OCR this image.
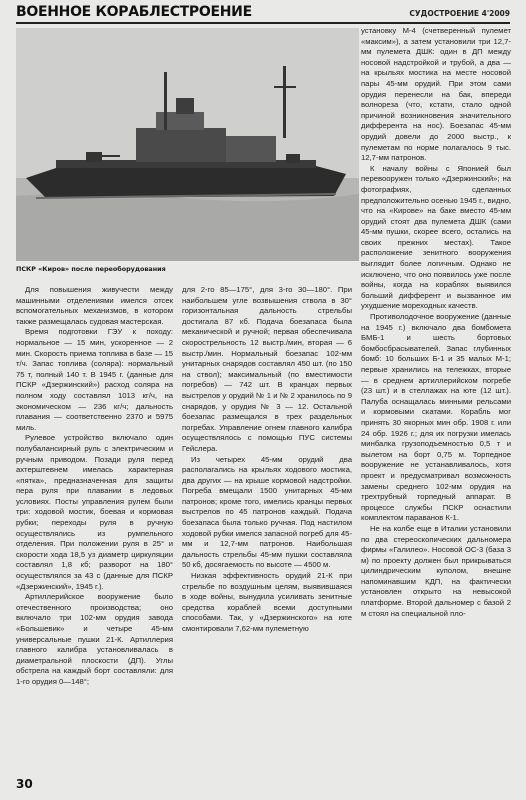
ВОЕННОЕ КОРАБЛЕСТРОЕНИЕ	СУДОСТРОЕНИЕ 4'2009
ПСКР «Киров» после переоборудования

Для повышения живучести между машинными отделениями имелся отсек вспомогательных механизмов, в котором также размещалась судовая мастерская.

Время подготовки ГЭУ к походу: нормальное — 15 мин, ускоренное — 2 мин. Скорость приема топлива в базе — 15 т/ч. Запас топлива (солярa): нормальный 75 т, полный 140 т. В 1945 г. (данные для ПСКР «Дзержинский») расход солярa на полном ходу составлял 1013 кг/ч, на экономическом — 236 кг/ч; дальность плавания — соответственно 2370 и 5975 миль.

Рулевое устройство включало один полубалансирный руль с электрическим и ручным приводом. Позади руля перед ахтерштевнем имелась характерная «пятка», предназначенная для защиты пера руля при плавании в ледовых условиях. Посты управления рулем были три: ходовой мостик, боевая и кормовая рубки; переходы руля в ручную осуществлялись из румпельного отделения. При положении руля в 25° и скорости хода 18,5 уз диаметр циркуляции составлял 1,8 кб; разворот на 180° осуществлялся за 43 с (данные для ПСКР «Дзержинский», 1945 г.).

Артиллерийское вооружение было отечественного производства; оно включало три 102-мм орудия завода «Большевик» и четыре 45-мм универсальные пушки 21-К. Артиллерия главного калибра установливалась в диаметральной плоскости (ДП). Углы обстрела на каждый борт составляли: для 1-го орудия 0—148°;

для 2-го 85—175°, для 3-го 30—180°. При наибольшем угле возвышения ствола в 30° горизонтальная дальность стрельбы достигала 87 кб. Подача боезапаса была механической и ручной; первая обеспечивала скорострельность 12 выстр./мин, вторая — 6 выстр./мин. Нормальный боезапас 102-мм унитарных снарядов составлял 450 шт. (по 150 на ствол); максимальный (по вместимости погребов) — 742 шт. В кранцах первых выстрелов у орудий № 1 и № 2 хранилось по 9 снарядов, у орудия № 3 — 12. Остальной боезапас размещался в трех раздельных погребах. Управление огнем главного калибра осуществлялось с помощью ПУС системы Гейслера.

Из четырех 45-мм орудий два располагались на крыльях ходового мостика, два других — на крыше кормовой надстройки. Погреба вмещали 1500 унитарных 45-мм патронов; кроме того, имелись кранцы первых выстрелов по 45 патронов каждый. Подача боезапаса была только ручная. Под настилом ходовой рубки имелся запасной погреб для 45-мм и 12,7-мм патронов. Наибольшая дальность стрельбы 45-мм пушки составляла 50 кб, досягаемость по высоте — 4500 м.

Низкая эффективность орудий 21-К при стрельбе по воздушным целям, выявившаяся в ходе войны, вынудила усиливать зенитные средства кораблей всеми доступными способами. Так, у «Дзержинского» на юте смонтировали 7,62-мм пулеметную

установку М-4 (счетверенный пулемет «максим»), а затем установили три 12,7-мм пулемета ДШК: один в ДП между носовой надстройкой и трубой, а два — на крыльях мостика на месте носовой пары 45-мм орудий. При этом сами орудия перенесли на бак, впереди волнореза (что, кстати, стало одной причиной возникновения значительного дифферента на нос). Боезапас 45-мм орудий довели до 2000 выстр., к пулеметам по норме полагалось 9 тыс. 12,7-мм патронов.

К началу войны с Японией был перевооружен только «Дзержинский»; на фотографиях, сделанных предположительно осенью 1945 г., видно, что на «Кирове» на баке вместо 45-мм орудий стоят два пулемета ДШК (сами 45-мм пушки, скорее всего, остались на своих прежних местах). Такое расположение зенитного вооружения выглядит более логичным. Однако не исключено, что оно появилось уже после войны, когда на кораблях выявился больший дифферент и вызванное им ухудшение мореходных качеств.

Противолодочное вооружение (данные на 1945 г.) включало два бомбомета БМБ-1 и шесть бортовых бомбосбрасывателей. Запас глубинных бомб: 10 больших Б-1 и 35 малых М-1; первые хранились на тележках, вторые — в среднем артиллерийском погребе (23 шт.) и в стеллажах на юте (12 шт.). Палуба оснащалась минными рельсами и кормовыми скатами. Корабль мог принять 30 якорных мин обр. 1908 г. или 24 обр. 1926 г.; для их погрузки имелась минбалка грузоподъемностью 0,5 т и вылетом на борт 0,75 м. Торпедное вооружение не устанавливалось, хотя проект и предусматривал возможность замены среднего 102-мм орудия на трехтрубный торпедный аппарат. В процессе службы ПСКР оснастили комплектом параванов К-1.

Не на колбе еще в Италии установили по два стереоскопических дальномера фирмы «Галилео». Носовой ОС-3 (база 3 м) по проекту должен был прикрываться цилиндрическим куполом, внешне напоминавшим КДП, на фактически установлен открыто на невысокой платформе. Второй дальномер с базой 2 м стоял на специальной пло-

30
